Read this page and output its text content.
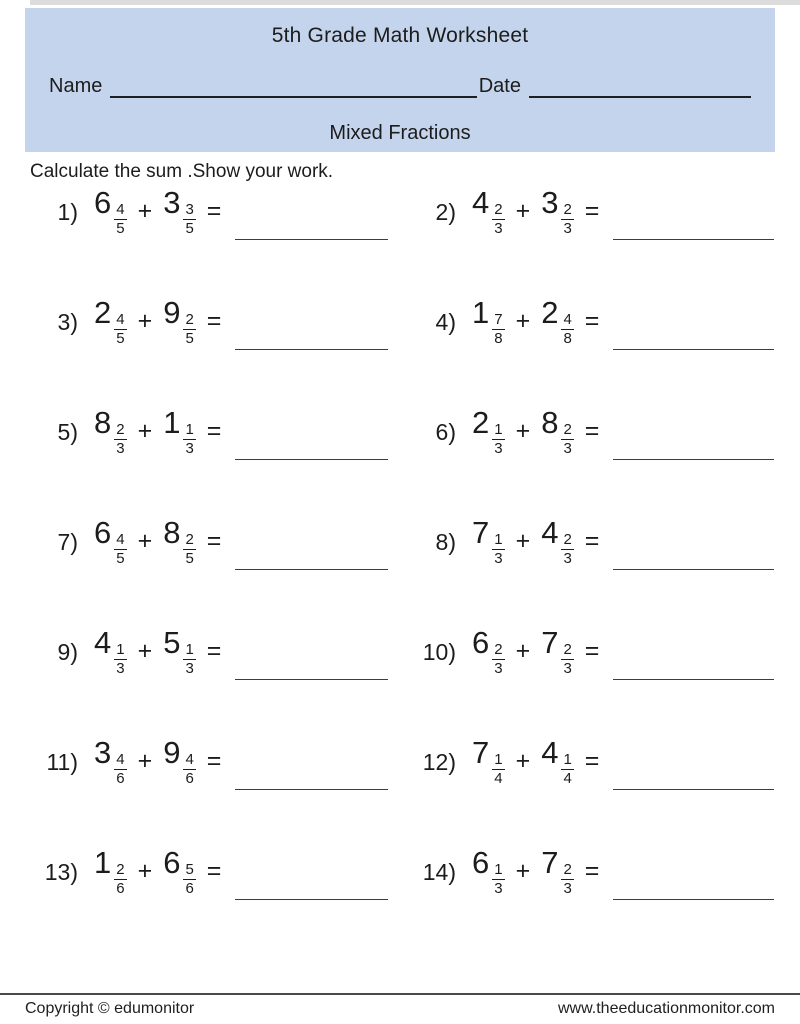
5th Grade Math Worksheet
Name	Date
Mixed Fractions
Calculate the sum .Show your work.
1) $6 \frac{4}{5} + 3 \frac{3}{5}$ =	2) $4 \frac{2}{3} + 3 \frac{2}{3}$ =
3) $2 \frac{4}{5} + 9 \frac{2}{5}$ =	4) $1 \frac{7}{8} + 2 \frac{4}{8}$ =
5) $8 \frac{2}{3} + 1 \frac{1}{3}$ =	6) $2 \frac{1}{3} + 8 \frac{2}{3}$ =
7) $6 \frac{4}{5} + 8 \frac{2}{5}$ =	8) $7 \frac{1}{3} + 4 \frac{2}{3}$ =
9) $4 \frac{1}{3} + 5 \frac{1}{3}$ =	10) $6 \frac{2}{3} + 7 \frac{2}{3}$ =
11) $3 \frac{4}{6} + 9 \frac{4}{6}$ =	12) $7 \frac{1}{4} + 4 \frac{1}{4}$ =
13) $1 \frac{2}{6} + 6 \frac{5}{6}$ =	14) $6 \frac{1}{3} + 7 \frac{2}{3}$ =
Copyright © edumonitor	www.theeducationmonitor.com
